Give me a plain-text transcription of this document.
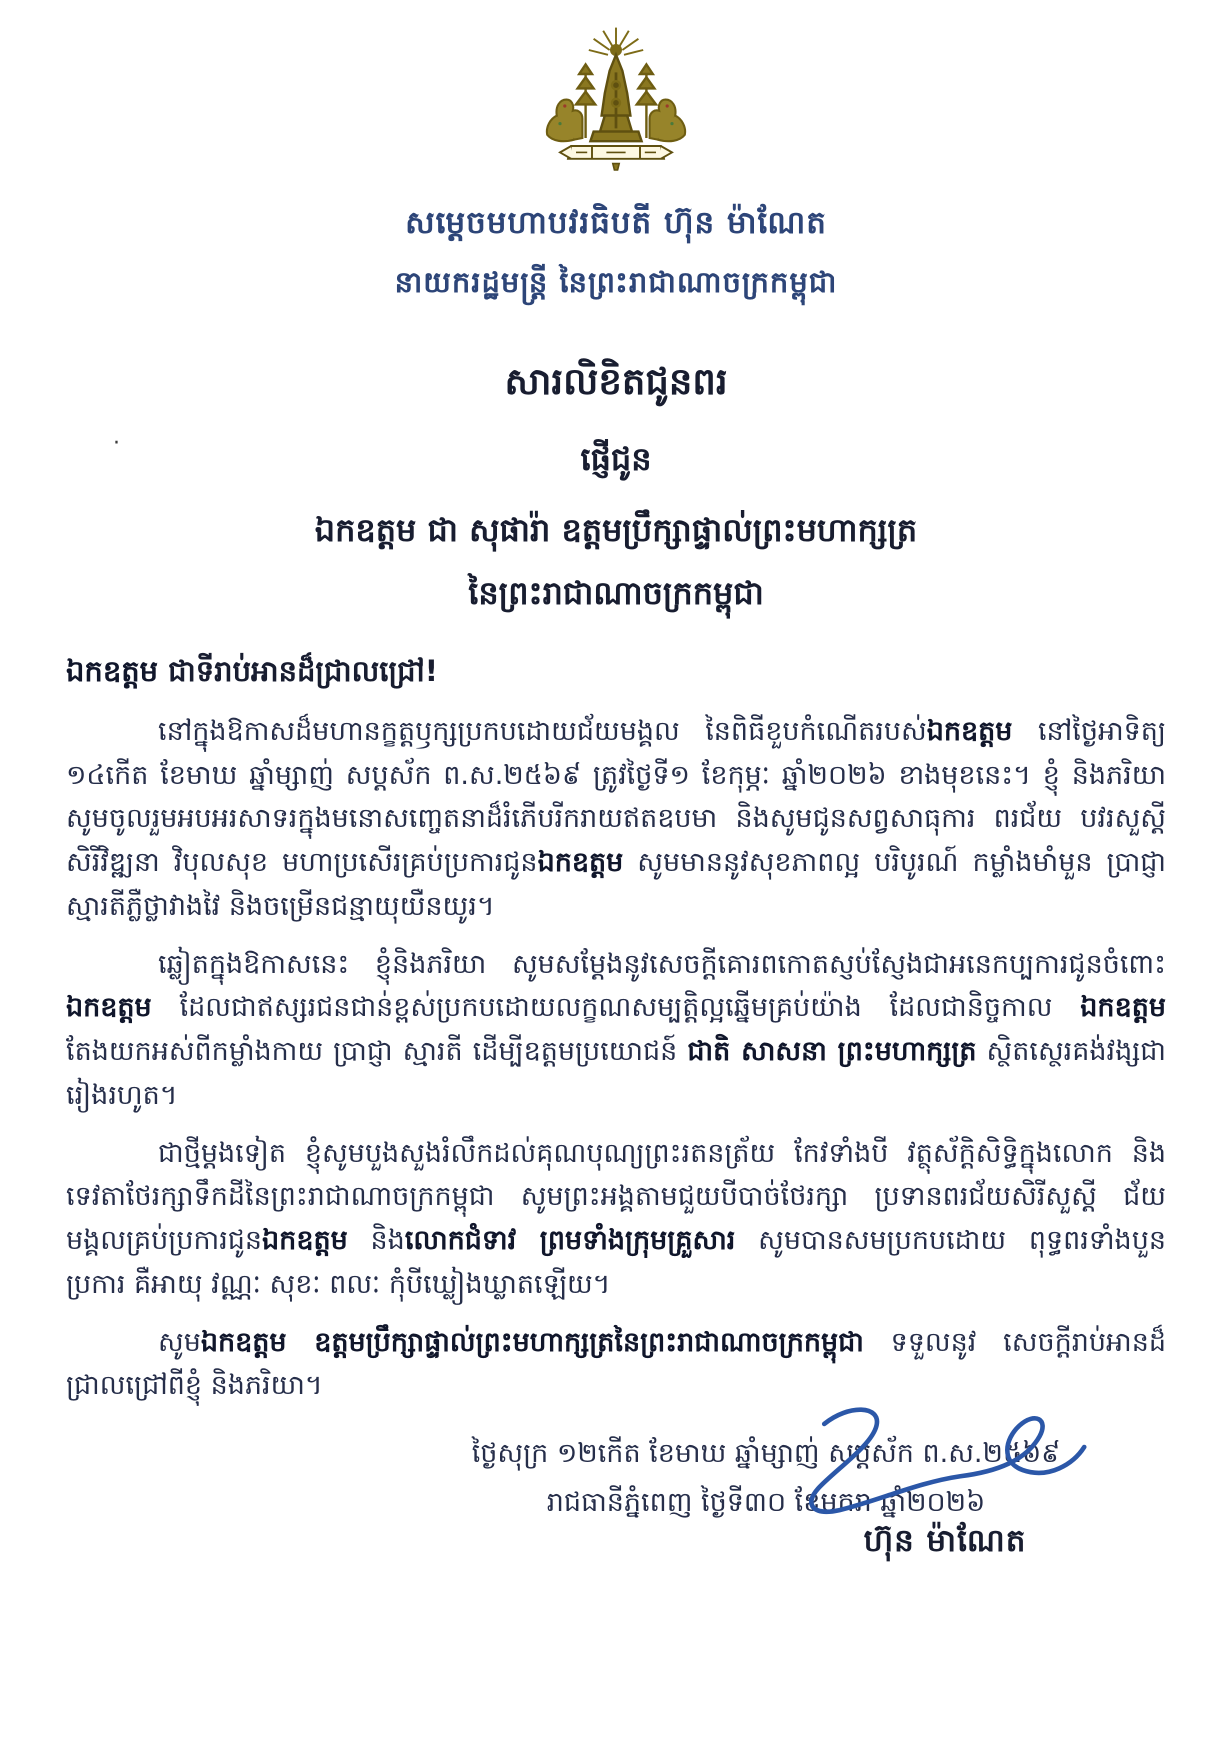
សម្តេចមហាបវរធិបតី ហ៊ុន ម៉ាណែត
នាយករដ្ឋមន្ត្រី នៃព្រះរាជាណាចក្រកម្ពុជា
·
សារលិខិតជូនពរ
ផ្ញើជូន
ឯកឧត្តម ជា សុផារ៉ា ឧត្តមប្រឹក្សាផ្ទាល់ព្រះមហាក្សត្រ
នៃព្រះរាជាណាចក្រកម្ពុជា
ឯកឧត្តម ជាទីរាប់អានដ៏ជ្រាលជ្រៅ!

នៅក្នុងឱកាសដ៏មហានក្ខត្តឫក្សប្រកបដោយជ័យមង្គល នៃពិធីខួបកំណើតរបស់ឯកឧត្តម នៅថ្ងៃអាទិត្យ ១៤កើត ខែមាឃ ឆ្នាំម្សាញ់ សប្តស័ក ព.ស.២៥៦៩ ត្រូវថ្ងៃទី១ ខែកុម្ភៈ ឆ្នាំ២០២៦ ខាងមុខនេះ។ ខ្ញុំ និងភរិយា សូមចូលរួមអបអរសាទរក្នុងមនោសញ្ចេតនាដ៏រំភើបរីករាយឥតឧបមា និងសូមជូនសព្វសាធុការ ពរជ័យ បវរសួស្តី សិរីវិឌ្ឍនា វិបុលសុខ មហាប្រសើរគ្រប់ប្រការជូនឯកឧត្តម សូមមាននូវសុខភាពល្អ បរិបូរណ៍ កម្លាំងមាំមួន ប្រាជ្ញាស្មារតីភ្លឺថ្លាវាងវៃ និងចម្រើនជន្មាយុយឺនយូរ។

ឆ្លៀតក្នុងឱកាសនេះ ខ្ញុំនិងភរិយា សូមសម្តែងនូវសេចក្តីគោរពកោតស្ញប់ស្ញែងជាអនេកប្បការជូនចំពោះ ឯកឧត្តម ដែលជាឥស្សរជនជាន់ខ្ពស់ប្រកបដោយលក្ខណសម្បត្តិល្អឆ្នើមគ្រប់យ៉ាង ដែលជានិច្ចកាល ឯកឧត្តម តែងយកអស់ពីកម្លាំងកាយ ប្រាជ្ញា ស្មារតី ដើម្បីឧត្តមប្រយោជន៍ ជាតិ សាសនា ព្រះមហាក្សត្រ ស្ថិតស្ថេរគង់វង្សជារៀងរហូត។

ជាថ្មីម្តងទៀត ខ្ញុំសូមបួងសួងរំលឹកដល់គុណបុណ្យព្រះរតនត្រ័យ កែវទាំងបី វត្ថុស័ក្តិសិទ្ធិក្នុងលោក និងទេវតាថែរក្សាទឹកដីនៃព្រះរាជាណាចក្រកម្ពុជា សូមព្រះអង្គតាមជួយបីបាច់ថែរក្សា ប្រទានពរជ័យសិរីសួស្តី ជ័យមង្គលគ្រប់ប្រការជូនឯកឧត្តម និងលោកជំទាវ ព្រមទាំងក្រុមគ្រួសារ សូមបានសមប្រកបដោយ ពុទ្ធពរទាំងបួនប្រការ គឺអាយុ វណ្ណៈ សុខៈ ពលៈ កុំបីឃ្លៀងឃ្លាតឡើយ។

សូមឯកឧត្តម ឧត្តមប្រឹក្សាផ្ទាល់ព្រះមហាក្សត្រនៃព្រះរាជាណាចក្រកម្ពុជា ទទួលនូវ សេចក្តីរាប់អានដ៏ជ្រាលជ្រៅពីខ្ញុំ និងភរិយា។

ថ្ងៃសុក្រ ១២កើត ខែមាឃ ឆ្នាំម្សាញ់ សប្តស័ក ព.ស.២៥៦៩
រាជធានីភ្នំពេញ ថ្ងៃទី៣០ ខែមករា ឆ្នាំ២០២៦
ហ៊ុន ម៉ាណែត
